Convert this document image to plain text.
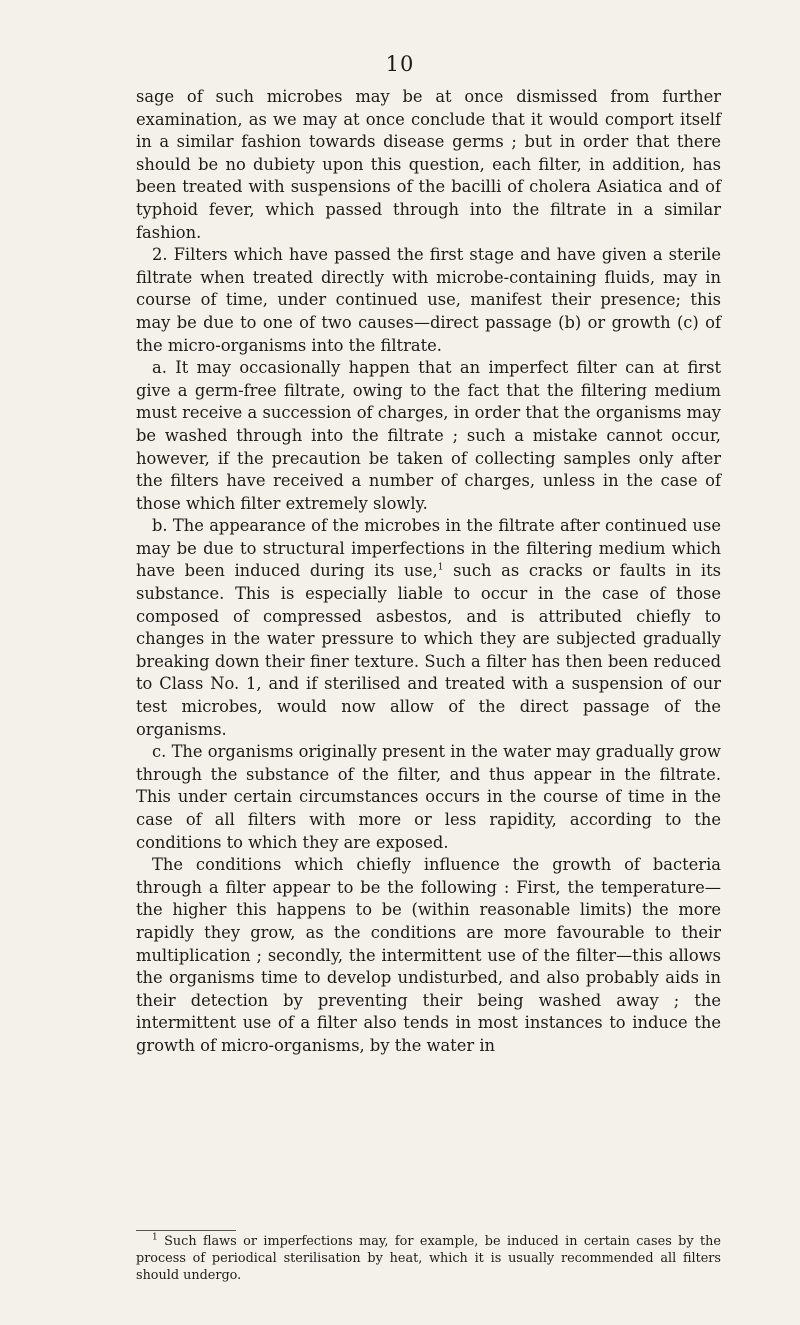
10

sage of such microbes may be at once dismissed from further examination, as we may at once conclude that it would comport itself in a similar fashion towards disease germs ; but in order that there should be no dubiety upon this question, each filter, in addition, has been treated with suspensions of the bacilli of cholera Asiatica and of typhoid fever, which passed through into the filtrate in a similar fashion.

2. Filters which have passed the first stage and have given a sterile filtrate when treated directly with microbe-containing fluids, may in course of time, under continued use, manifest their presence; this may be due to one of two causes—direct passage (b) or growth (c) of the micro-organisms into the filtrate.

a. It may occasionally happen that an imperfect filter can at first give a germ-free filtrate, owing to the fact that the filtering medium must receive a succession of charges, in order that the organisms may be washed through into the filtrate ; such a mistake cannot occur, however, if the precaution be taken of collecting samples only after the filters have received a number of charges, unless in the case of those which filter extremely slowly.

b. The appearance of the microbes in the filtrate after continued use may be due to structural imperfections in the filtering medium which have been induced during its use,$^1$ such as cracks or faults in its substance. This is especially liable to occur in the case of those composed of compressed asbestos, and is attributed chiefly to changes in the water pressure to which they are subjected gradually breaking down their finer texture. Such a filter has then been reduced to Class No. 1, and if sterilised and treated with a suspension of our test microbes, would now allow of the direct passage of the organisms.

c. The organisms originally present in the water may gradually grow through the substance of the filter, and thus appear in the filtrate. This under certain circumstances occurs in the course of time in the case of all filters with more or less rapidity, according to the conditions to which they are exposed.

The conditions which chiefly influence the growth of bacteria through a filter appear to be the following : First, the temperature—the higher this happens to be (within reasonable limits) the more rapidly they grow, as the conditions are more favourable to their multiplication ; secondly, the intermittent use of the filter—this allows the organisms time to develop undisturbed, and also probably aids in their detection by preventing their being washed away ; the intermittent use of a filter also tends in most instances to induce the growth of micro-organisms, by the water in

$^1$ Such flaws or imperfections may, for example, be induced in certain cases by the process of periodical sterilisation by heat, which it is usually recommended all filters should undergo.
